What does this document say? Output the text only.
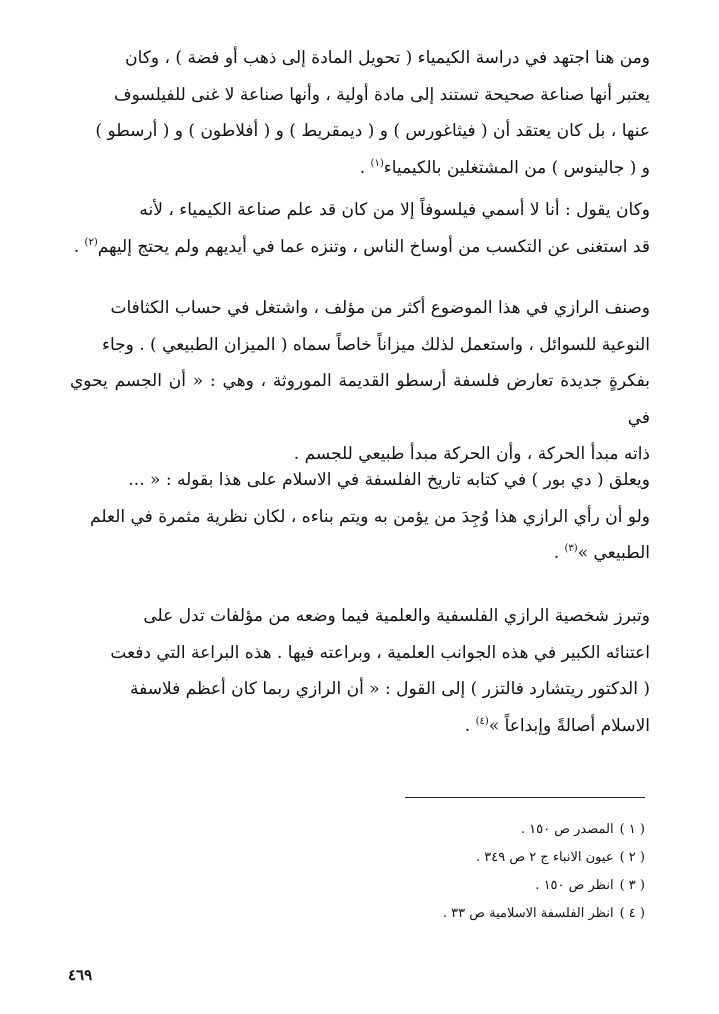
ومن هنا اجتهد في دراسة الكيمياء ( تحويل المادة إلى ذهب أو فضة ) ، وكان
يعتبر أنها صناعة صحيحة تستند إلى مادة أولية ، وأنها صناعة لا غنى للفيلسوف
عنها ، بل كان يعتقد أن ( فيثاغورس ) و ( ديمقريط ) و ( أفلاطون ) و ( أرسطو )
و ( جالينوس ) من المشتغلين بالكيمياء$^{(١)}$ .

وكان يقول : أنا لا أسمي فيلسوفاً إلا من كان قد علم صناعة الكيمياء ، لأنه
قد استغنى عن التكسب من أوساخ الناس ، وتنزه عما في أيديهم ولم يحتج إليهم$^{(٢)}$ .

وصنف الرازي في هذا الموضوع أكثر من مؤلف ، واشتغل في حساب الكثافات
النوعية للسوائل ، واستعمل لذلك ميزاناً خاصاً سماه ( الميزان الطبيعي ) . وجاء
بفكرةٍ جديدة تعارض فلسفة أرسطو القديمة الموروثة ، وهي : « أن الجسم يحوي في
ذاته مبدأ الحركة ، وأن الحركة مبدأ طبيعي للجسم .

ويعلق ( دي بور ) في كتابه تاريخ الفلسفة في الاسلام على هذا بقوله : « ...
ولو أن رأي الرازي هذا وُجِدَ من يؤمن به ويتم بناءه ، لكان نظرية مثمرة في العلم
الطبيعي »$^{(٣)}$ .

وتبرز شخصية الرازي الفلسفية والعلمية فيما وضعه من مؤلفات تدل على
اعتنائه الكبير في هذه الجوانب العلمية ، وبراعته فيها . هذه البراعة التي دفعت
( الدكتور ريتشارد فالتزر ) إلى القول : « أن الرازي ربما كان أعظم فلاسفة
الاسلام أصالةً وإبداعاً »$^{(٤)}$ .

( ١ )المصدر ص ١٥٠ .
( ٢ )عيون الانباء ج ٢ ص ٣٤٩ .
( ٣ )انظر ص ١٥٠ .
( ٤ )انظر الفلسفة الاسلامية ص ٣٣ .
٤٦٩
